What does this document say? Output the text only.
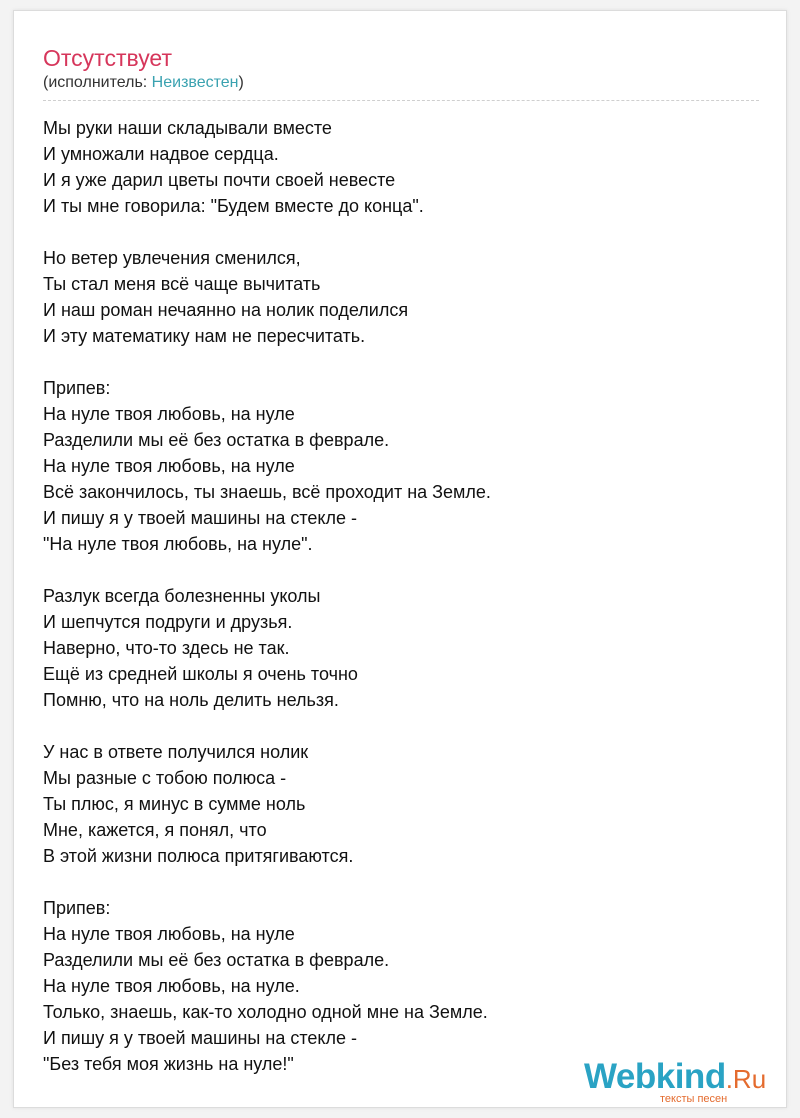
Отсутствует
(исполнитель: Неизвестен)
Мы руки наши складывали вместе
И умножали надвое сердца.
И я уже дарил цветы почти своей невесте
И ты мне говорила: "Будем вместе до конца".
Но ветер увлечения сменился,
Ты стал меня всё чаще вычитать
И наш роман нечаянно на нолик поделился
И эту математику нам не пересчитать.
Припев:
На нуле твоя любовь, на нуле
Разделили мы её без остатка в феврале.
На нуле твоя любовь, на нуле
Всё закончилось, ты знаешь, всё проходит на Земле.
И пишу я у твоей машины на стекле -
"На нуле твоя любовь, на нуле".
Разлук всегда болезненны уколы
И шепчутся подруги и друзья.
Наверно, что-то здесь не так.
Ещё из средней школы я очень точно
Помню, что на ноль делить нельзя.
У нас в ответе получился нолик
Мы разные с тобою полюса -
Ты плюс, я минус в сумме ноль
Мне, кажется, я понял, что
В этой жизни полюса притягиваются.
Припев:
На нуле твоя любовь, на нуле
Разделили мы её без остатка в феврале.
На нуле твоя любовь, на нуле.
Только, знаешь, как-то холодно одной мне на Земле.
И пишу я у твоей машины на стекле -
"Без тебя моя жизнь на нуле!"	Webkind.Ru
тексты песен
